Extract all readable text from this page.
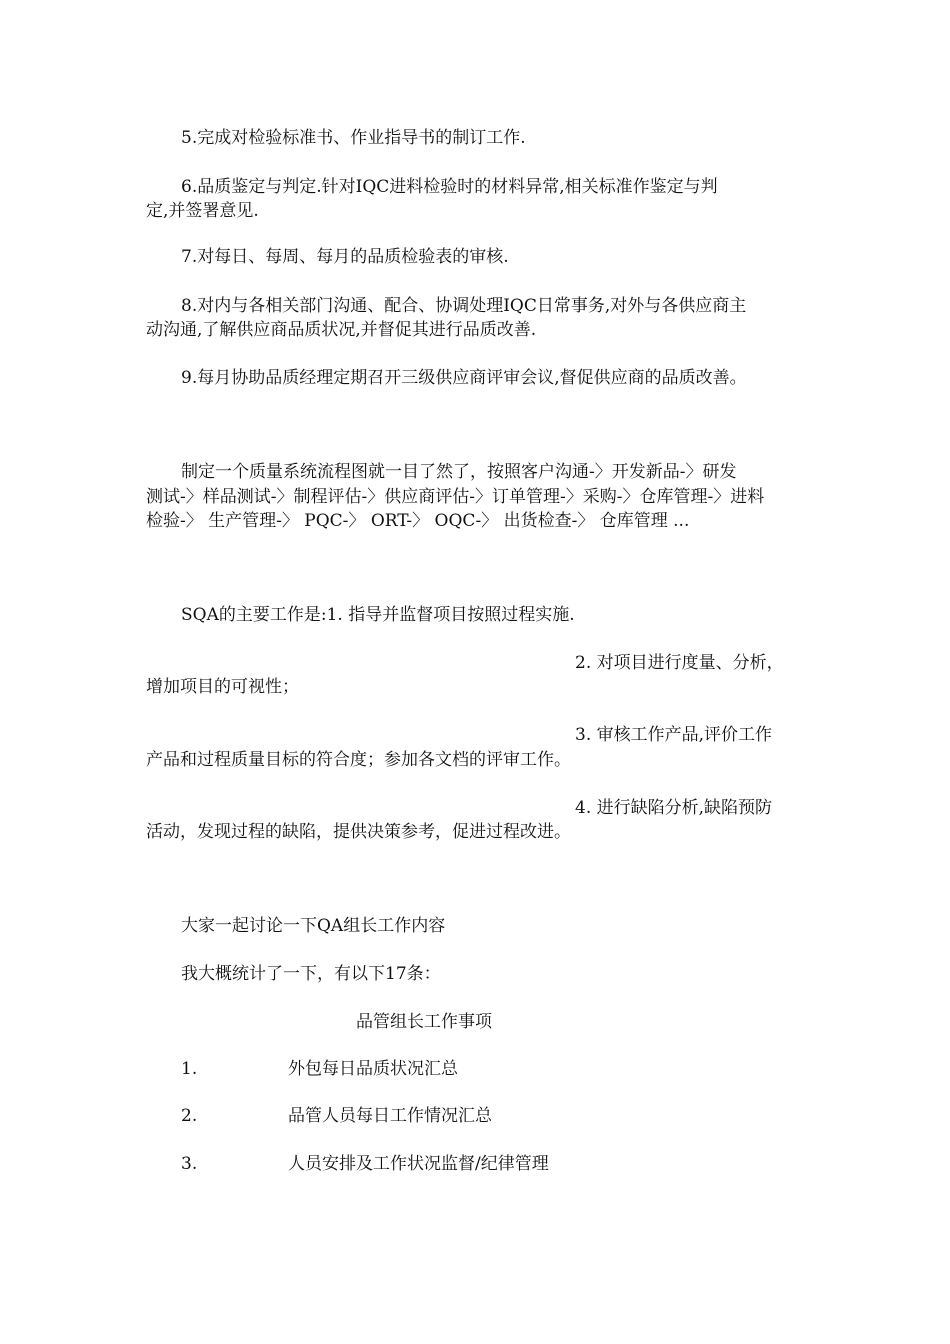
5.完成对检验标准书、作业指导书的制订工作.
6.品质鉴定与判定.针对IQC进料检验时的材料异常,相关标准作鉴定与判
定,并签署意见.
7.对每日、每周、每月的品质检验表的审核.
8.对内与各相关部门沟通、配合、协调处理IQC日常事务,对外与各供应商主
动沟通,了解供应商品质状况,并督促其进行品质改善.
9.每月协助品质经理定期召开三级供应商评审会议,督促供应商的品质改善。
制定一个质量系统流程图就一目了然了，按照客户沟通-〉开发新品-〉研发
测试-〉样品测试-〉制程评估-〉供应商评估-〉订单管理-〉采购-〉仓库管理-〉进料
检验-〉 生产管理-〉 PQC-〉 ORT-〉 OQC-〉 出货检查-〉 仓库管理 ...
SQA的主要工作是:1. 指导并监督项目按照过程实施.
2. 对项目进行度量、分析，
增加项目的可视性；
3. 审核工作产品,评价工作
产品和过程质量目标的符合度；参加各文档的评审工作。
4. 进行缺陷分析,缺陷预防
活动，发现过程的缺陷，提供决策参考，促进过程改进。
大家一起讨论一下QA组长工作内容
我大概统计了一下，有以下17条：
品管组长工作事项
1.	外包每日品质状况汇总
2.	品管人员每日工作情况汇总
3.	人员安排及工作状况监督/纪律管理
